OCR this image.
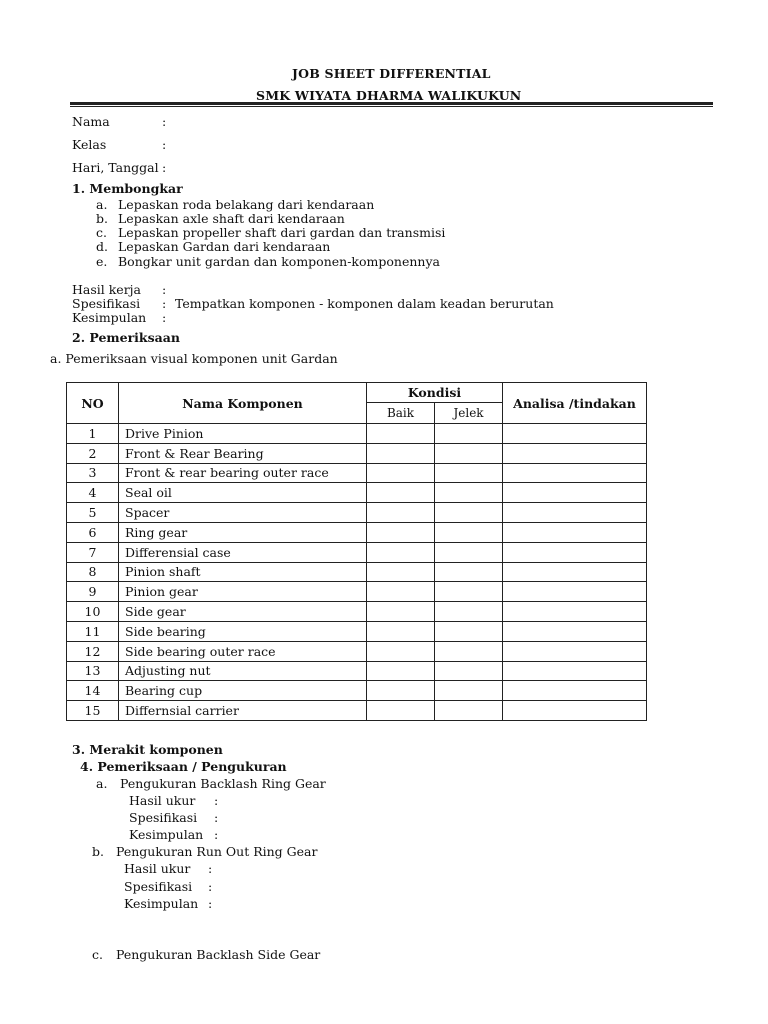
JOB SHEET DIFFERENTIAL
SMK WIYATA DHARMA WALIKUKUN
Nama	:
Kelas	:
Hari, Tanggal :
1. Membongkar
a. Lepaskan roda belakang dari kendaraan
b. Lepaskan axle shaft dari kendaraan
c. Lepaskan propeller shaft dari gardan dan transmisi
d. Lepaskan Gardan dari kendaraan
e. Bongkar unit gardan dan komponen-komponennya
Hasil kerja :
Spesifikasi : Tempatkan komponen - komponen dalam keadan berurutan
Kesimpulan :
2. Pemeriksaan
a. Pemeriksaan visual komponen unit Gardan
NO	Nama Komponen	Kondisi		Analisa /tindakan
		Baik	Jelek	
1	Drive Pinion			
2	Front & Rear Bearing			
3	Front & rear bearing outer race			
4	Seal oil			
5	Spacer			
6	Ring gear			
7	Differensial case			
8	Pinion shaft			
9	Pinion gear			
10	Side gear			
11	Side bearing			
12	Side bearing outer race			
13	Adjusting nut			
14	Bearing cup			
15	Differnsial carrier			
3. Merakit komponen
4. Pemeriksaan / Pengukuran
a. Pengukuran Backlash Ring Gear
Hasil ukur :
Spesifikasi :
Kesimpulan :
b. Pengukuran Run Out Ring Gear
Hasil ukur :
Spesifikasi :
Kesimpulan :
c. Pengukuran Backlash Side Gear
